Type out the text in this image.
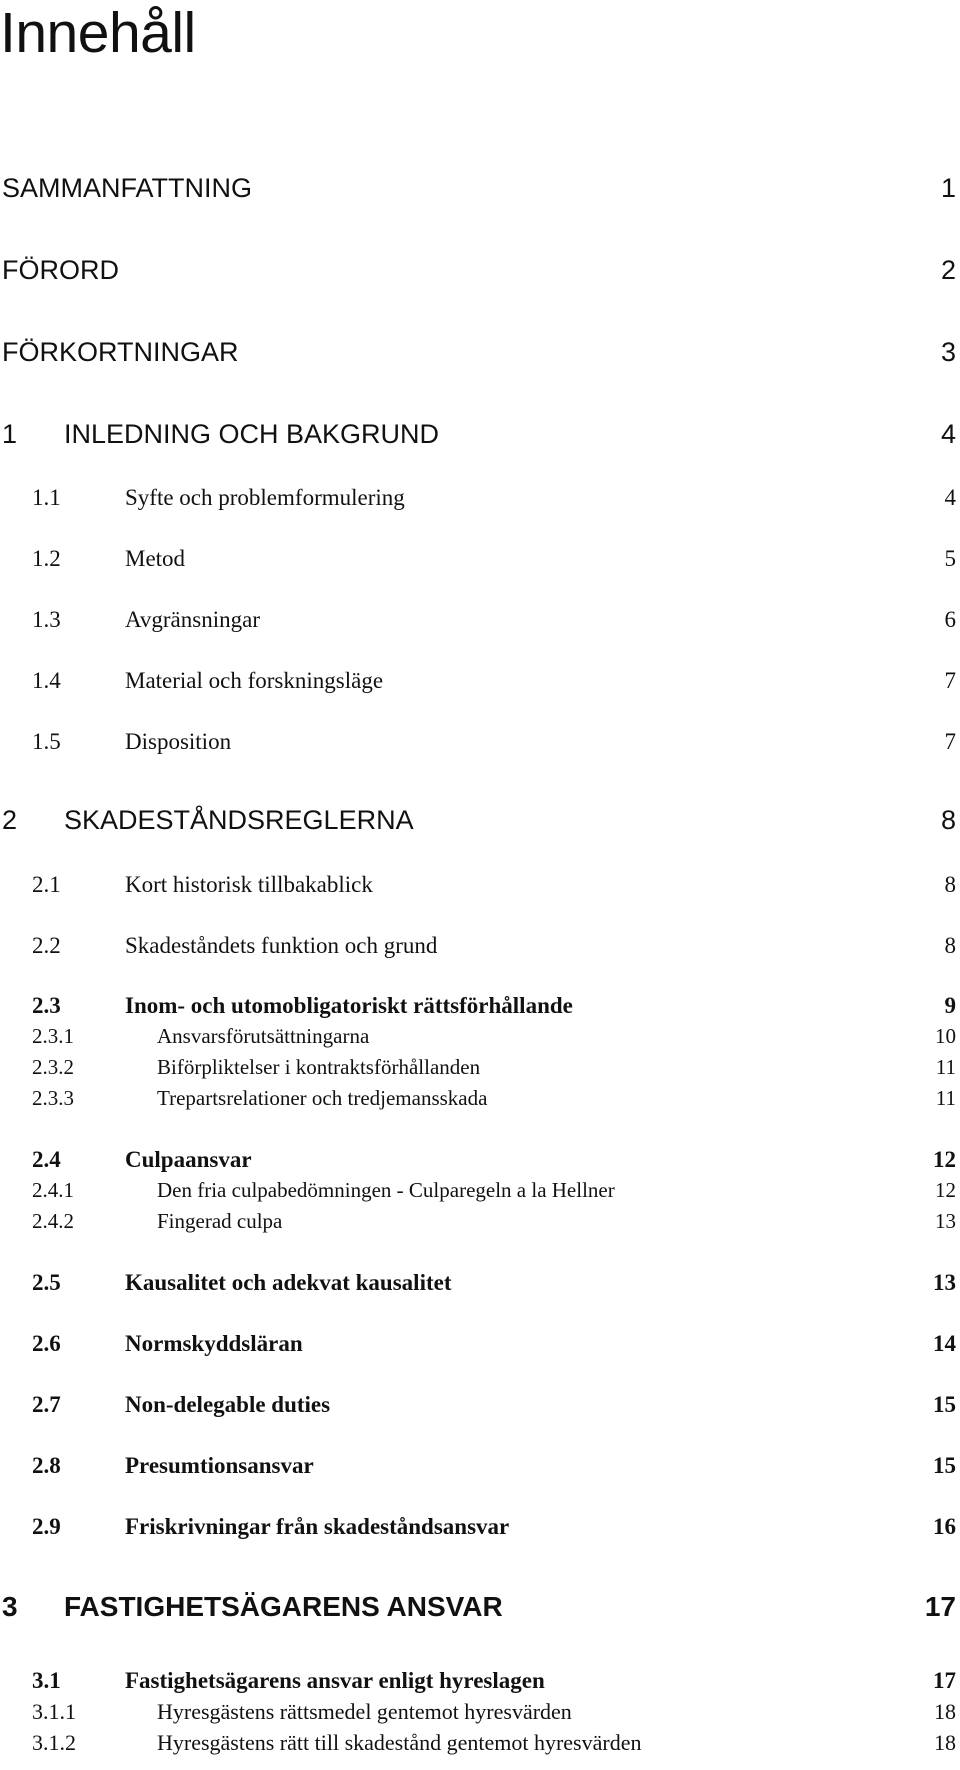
Innehåll
SAMMANFATTNING	1
FÖRORD	2
FÖRKORTNINGAR	3
1 INLEDNING OCH BAKGRUND	4
1.1	Syfte och problemformulering	4
1.2	Metod	5
1.3	Avgränsningar	6
1.4	Material och forskningsläge	7
1.5	Disposition	7
2 SKADESTÅNDSREGLERNA	8
2.1	Kort historisk tillbakablick	8
2.2	Skadeståndets funktion och grund	8
2.3	Inom- och utomobligatoriskt rättsförhållande	9
2.3.1	Ansvarsförutsättningarna	10
2.3.2	Biförpliktelser i kontraktsförhållanden	11
2.3.3	Trepartsrelationer och tredjemansskada	11
2.4	Culpaansvar	12
2.4.1	Den fria culpabedömningen - Culparegeln a la Hellner	12
2.4.2	Fingerad culpa	13
2.5	Kausalitet och adekvat kausalitet	13
2.6	Normskyddsläran	14
2.7	Non-delegable duties	15
2.8	Presumtionsansvar	15
2.9	Friskrivningar från skadeståndsansvar	16
3 FASTIGHETSÄGARENS ANSVAR	17
3.1	Fastighetsägarens ansvar enligt hyreslagen	17
3.1.1	Hyresgästens rättsmedel gentemot hyresvärden	18
3.1.2	Hyresgästens rätt till skadestånd gentemot hyresvärden	18
